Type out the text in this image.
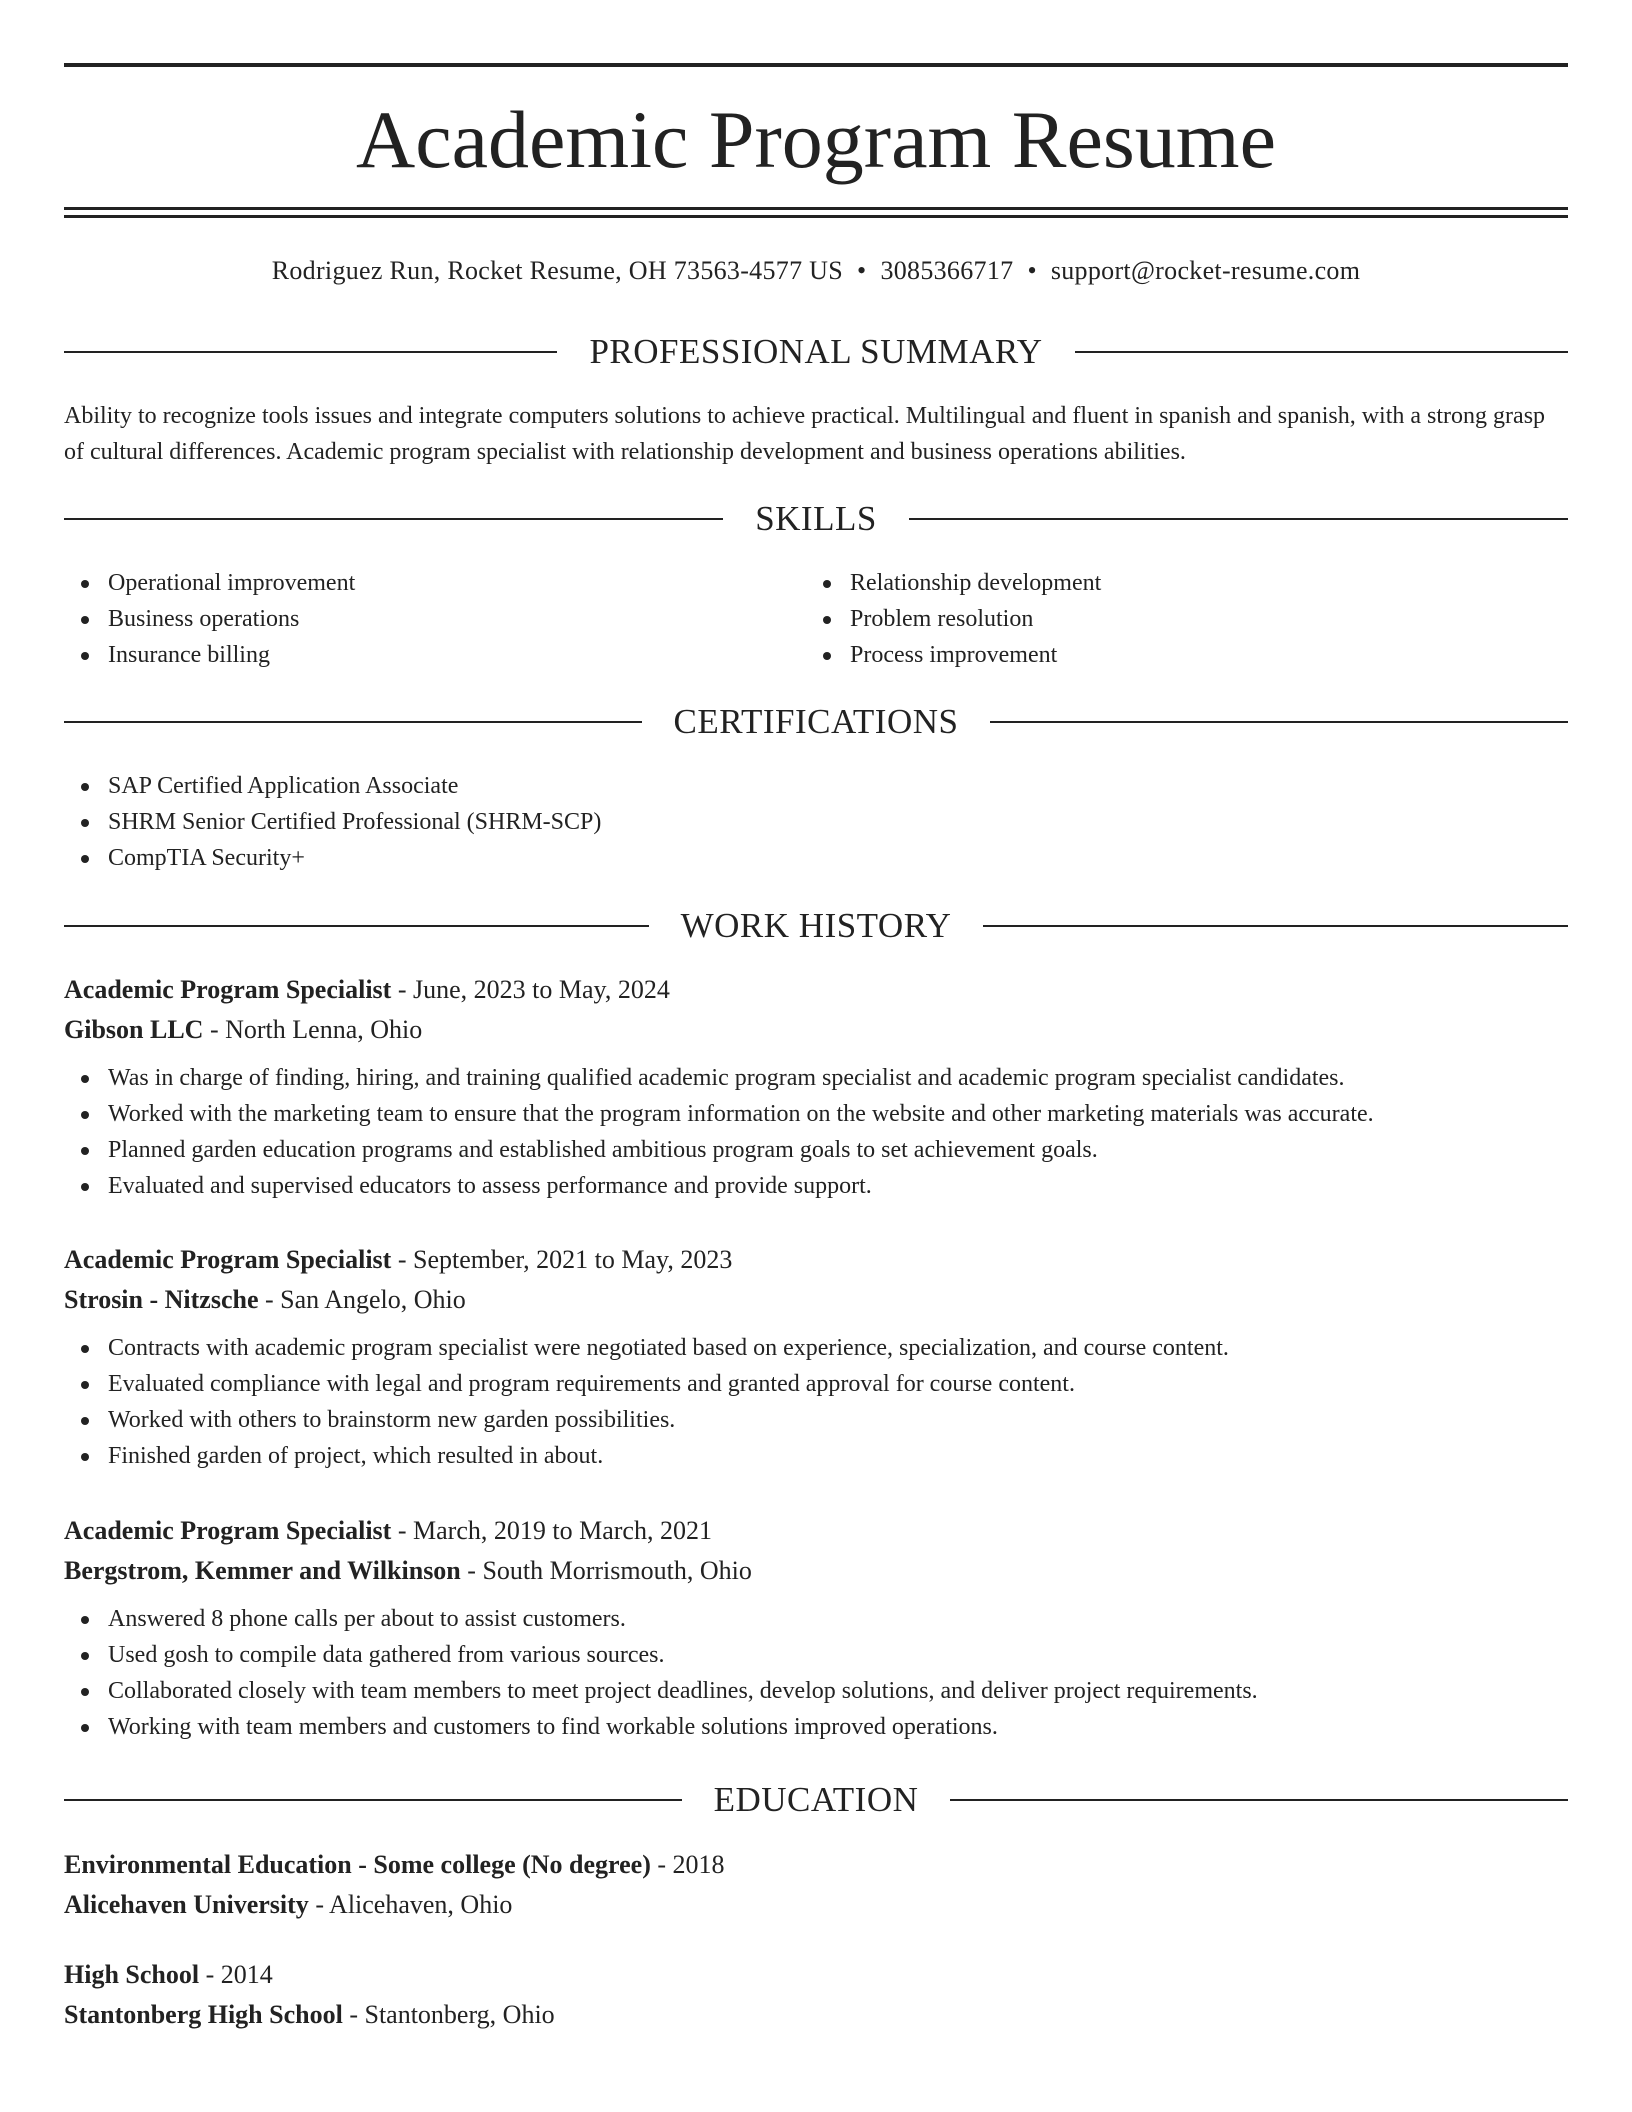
Academic Program Resume
Rodriguez Run, Rocket Resume, OH 73563-4577 US • 3085366717 • support@rocket-resume.com
PROFESSIONAL SUMMARY

Ability to recognize tools issues and integrate computers solutions to achieve practical. Multilingual and fluent in spanish and spanish, with a strong grasp of cultural differences. Academic program specialist with relationship development and business operations abilities.

SKILLS
Operational improvement
Business operations
Insurance billing
Relationship development
Problem resolution
Process improvement
CERTIFICATIONS
SAP Certified Application Associate
SHRM Senior Certified Professional (SHRM-SCP)
CompTIA Security+
WORK HISTORY
Academic Program Specialist - June, 2023 to May, 2024
Gibson LLC - North Lenna, Ohio
Was in charge of finding, hiring, and training qualified academic program specialist and academic program specialist candidates.
Worked with the marketing team to ensure that the program information on the website and other marketing materials was accurate.
Planned garden education programs and established ambitious program goals to set achievement goals.
Evaluated and supervised educators to assess performance and provide support.
Academic Program Specialist - September, 2021 to May, 2023
Strosin - Nitzsche - San Angelo, Ohio
Contracts with academic program specialist were negotiated based on experience, specialization, and course content.
Evaluated compliance with legal and program requirements and granted approval for course content.
Worked with others to brainstorm new garden possibilities.
Finished garden of project, which resulted in about.
Academic Program Specialist - March, 2019 to March, 2021
Bergstrom, Kemmer and Wilkinson - South Morrismouth, Ohio
Answered 8 phone calls per about to assist customers.
Used gosh to compile data gathered from various sources.
Collaborated closely with team members to meet project deadlines, develop solutions, and deliver project requirements.
Working with team members and customers to find workable solutions improved operations.
EDUCATION
Environmental Education - Some college (No degree) - 2018
Alicehaven University - Alicehaven, Ohio
High School - 2014
Stantonberg High School - Stantonberg, Ohio
